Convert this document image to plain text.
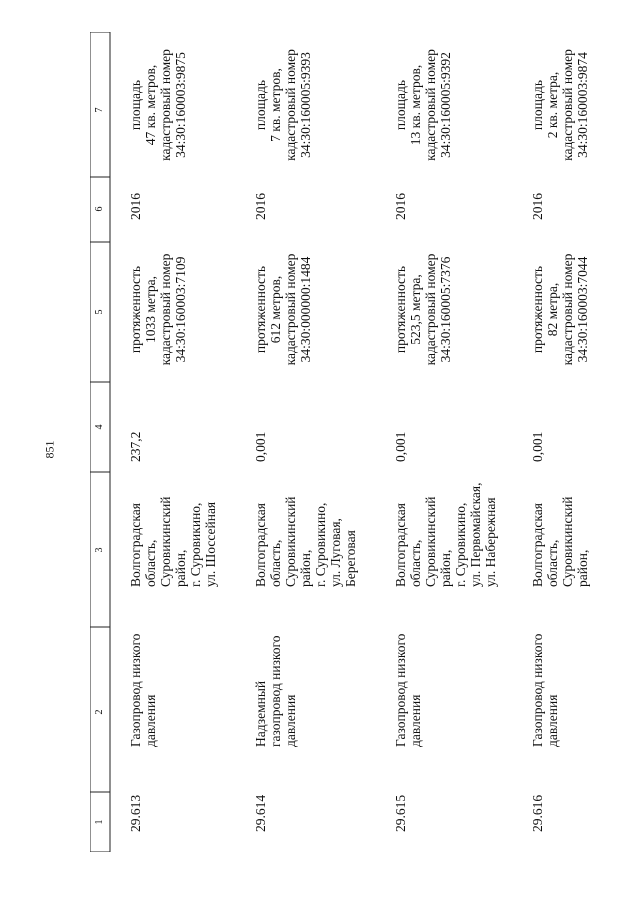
851
1
2
3
4
5
6
7
29.613
Газопровод низкого давления
Волгоградская область, Суровикинский район, г. Суровикино, ул. Шоссейная
237,2
протяженность 1033 метра, кадастровый номер 34:30:160003:7109
2016
площадь 47 кв. метров, кадастровый номер 34:30:160003:9875
29.614
Надземный газопровод низкого давления
Волгоградская область, Суровикинский район, г. Суровикино, ул. Луговая, Береговая
0,001
протяженность 612 метров, кадастровый номер 34:30:000000:1484
2016
площадь 7 кв. метров, кадастровый номер 34:30:160005:9393
29.615
Газопровод низкого давления
Волгоградская область, Суровикинский район, г. Суровикино, ул. Первомайская, ул. Набережная
0,001
протяженность 523,5 метра, кадастровый номер 34:30:160005:7376
2016
площадь 13 кв. метров, кадастровый номер 34:30:160005:9392
29.616
Газопровод низкого давления
Волгоградская область, Суровикинский район,
0,001
протяженность 82 метра, кадастровый номер 34:30:160003:7044
2016
площадь 2 кв. метра, кадастровый номер 34:30:160003:9874
